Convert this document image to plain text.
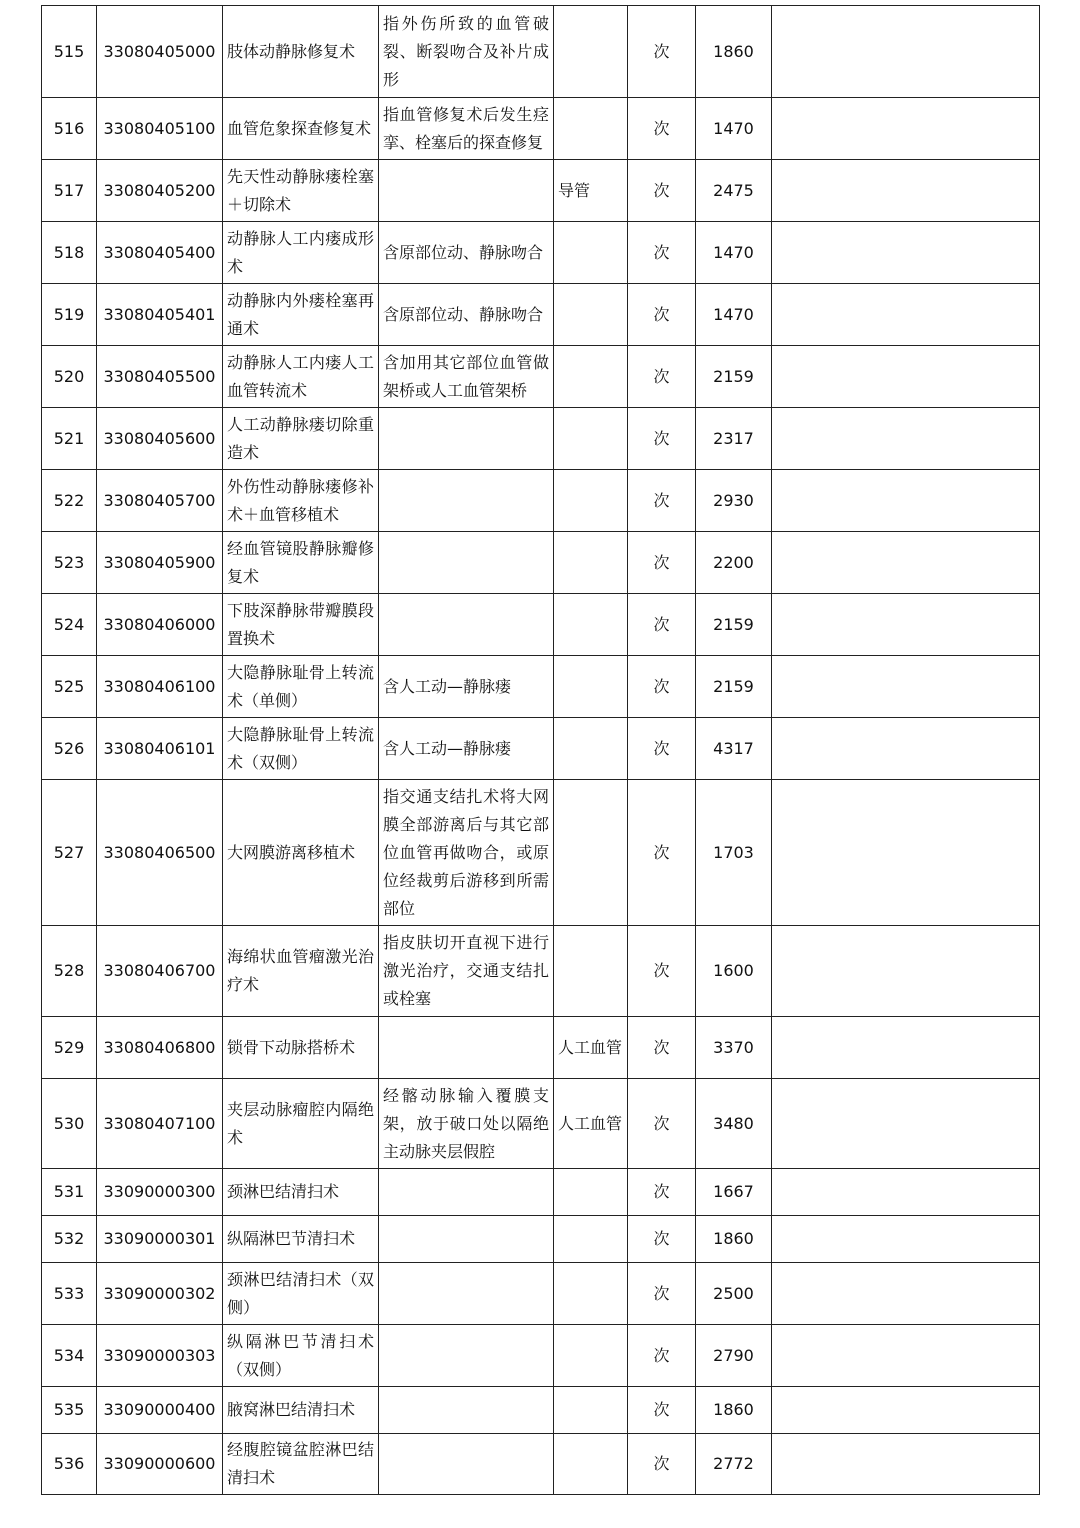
515	33080405000	肢体动静脉修复术	指外伤所致的血管破裂、断裂吻合及补片成形		次	1860	
516	33080405100	血管危象探查修复术	指血管修复术后发生痉挛、栓塞后的探查修复		次	1470	
517	33080405200	先天性动静脉瘘栓塞＋切除术		导管	次	2475	
518	33080405400	动静脉人工内瘘成形术	含原部位动、静脉吻合		次	1470	
519	33080405401	动静脉内外瘘栓塞再通术	含原部位动、静脉吻合		次	1470	
520	33080405500	动静脉人工内瘘人工血管转流术	含加用其它部位血管做架桥或人工血管架桥		次	2159	
521	33080405600	人工动静脉瘘切除重造术			次	2317	
522	33080405700	外伤性动静脉瘘修补术＋血管移植术			次	2930	
523	33080405900	经血管镜股静脉瓣修复术			次	2200	
524	33080406000	下肢深静脉带瓣膜段置换术			次	2159	
525	33080406100	大隐静脉耻骨上转流术（单侧）	含人工动—静脉瘘		次	2159	
526	33080406101	大隐静脉耻骨上转流术（双侧）	含人工动—静脉瘘		次	4317	
527	33080406500	大网膜游离移植术	指交通支结扎术将大网膜全部游离后与其它部位血管再做吻合，或原位经裁剪后游移到所需部位		次	1703	
528	33080406700	海绵状血管瘤激光治疗术	指皮肤切开直视下进行激光治疗，交通支结扎或栓塞		次	1600	
529	33080406800	锁骨下动脉搭桥术		人工血管	次	3370	
530	33080407100	夹层动脉瘤腔内隔绝术	经髂动脉输入覆膜支架，放于破口处以隔绝主动脉夹层假腔	人工血管	次	3480	
531	33090000300	颈淋巴结清扫术			次	1667	
532	33090000301	纵隔淋巴节清扫术			次	1860	
533	33090000302	颈淋巴结清扫术（双侧）			次	2500	
534	33090000303	纵隔淋巴节清扫术（双侧）			次	2790	
535	33090000400	腋窝淋巴结清扫术			次	1860	
536	33090000600	经腹腔镜盆腔淋巴结清扫术			次	2772	
